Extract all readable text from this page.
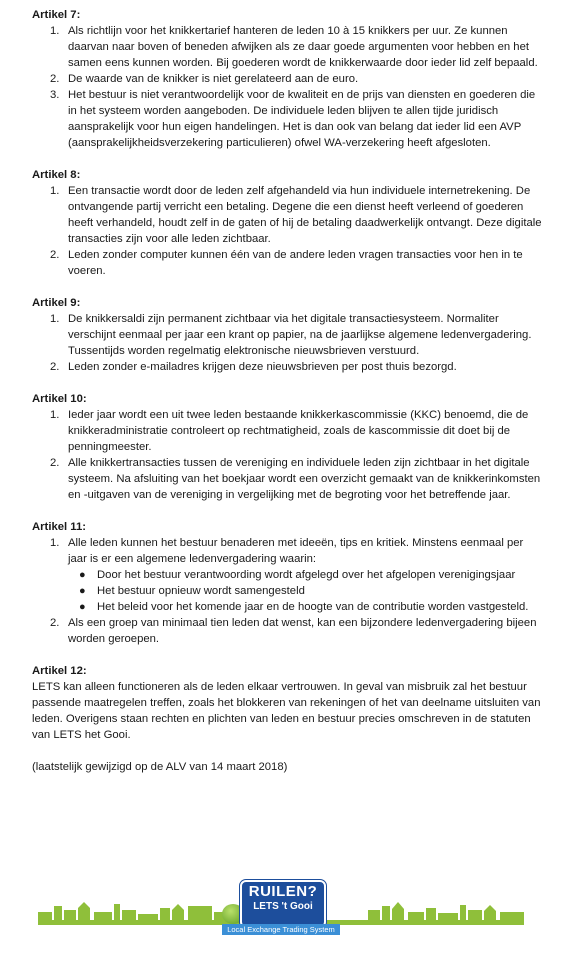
Artikel 7:

1. Als richtlijn voor het knikkertarief hanteren de leden 10 à 15 knikkers per uur. Ze kunnen daarvan naar boven of beneden afwijken als ze daar goede argumenten voor hebben en het samen eens kunnen worden. Bij goederen wordt de knikkerwaarde door ieder lid zelf bepaald.
2. De waarde van de knikker is niet gerelateerd aan de euro.
3. Het bestuur is niet verantwoordelijk voor de kwaliteit en de prijs van diensten en goederen die in het systeem worden aangeboden. De individuele leden blijven te allen tijde juridisch aansprakelijk voor hun eigen handelingen. Het is dan ook van belang dat ieder lid een AVP (aansprakelijkheidsverzekering particulieren) ofwel WA-verzekering heeft afgesloten.

Artikel 8:

1. Een transactie wordt door de leden zelf afgehandeld via hun individuele internetrekening. De ontvangende partij verricht een betaling. Degene die een dienst heeft verleend of goederen heeft verhandeld, houdt zelf in de gaten of hij de betaling daadwerkelijk ontvangt. Deze digitale transacties zijn voor alle leden zichtbaar.
2. Leden zonder computer kunnen één van de andere leden vragen transacties voor hen in te voeren.

Artikel 9:

1. De knikkersaldi zijn permanent zichtbaar via het digitale transactiesysteem. Normaliter verschijnt eenmaal per jaar een krant op papier, na de jaarlijkse algemene ledenvergadering. Tussentijds worden regelmatig elektronische nieuwsbrieven verstuurd.
2. Leden zonder e-mailadres krijgen deze nieuwsbrieven per post thuis bezorgd.

Artikel 10:

1. Ieder jaar wordt een uit twee leden bestaande knikkerkascommissie (KKC) benoemd, die de knikkeradministratie controleert op rechtmatigheid, zoals de kascommissie dit doet bij de penningmeester.
2. Alle knikkertransacties tussen de vereniging en individuele leden zijn zichtbaar in het digitale systeem. Na afsluiting van het boekjaar wordt een overzicht gemaakt van de knikkerinkomsten en -uitgaven van de vereniging in vergelijking met de begroting voor het betreffende jaar.

Artikel 11:

1. Alle leden kunnen het bestuur benaderen met ideeën, tips en kritiek. Minstens eenmaal per jaar is er een algemene ledenvergadering waarin:
● Door het bestuur verantwoording wordt afgelegd over het afgelopen verenigingsjaar
● Het bestuur opnieuw wordt samengesteld
● Het beleid voor het komende jaar en de hoogte van de contributie worden vastgesteld.
2. Als een groep van minimaal tien leden dat wenst, kan een bijzondere ledenvergadering bijeen worden geroepen.

Artikel 12:

LETS kan alleen functioneren als de leden elkaar vertrouwen. In geval van misbruik zal het bestuur passende maatregelen treffen, zoals het blokkeren van rekeningen of het van deelname uitsluiten van leden. Overigens staan rechten en plichten van leden en bestuur precies omschreven in de statuten van LETS het Gooi.

(laatstelijk gewijzigd op de ALV van 14 maart 2018)

RUILEN?
LETS 't Gooi
Local Exchange Trading System
